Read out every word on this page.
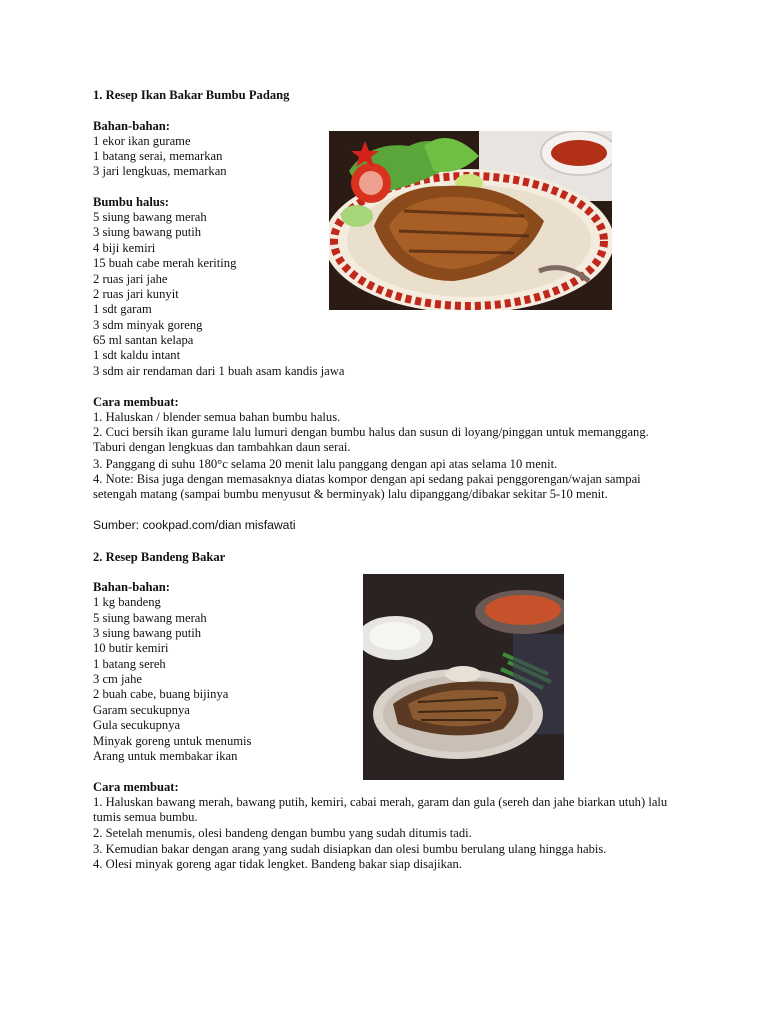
1. Resep Ikan Bakar Bumbu Padang
Bahan-bahan:
1 ekor ikan gurame
1 batang serai, memarkan
3 jari lengkuas, memarkan
Bumbu halus:
5 siung bawang merah
3 siung bawang putih
4 biji kemiri
15 buah cabe merah keriting
2 ruas jari jahe
2 ruas jari kunyit
1 sdt garam
3 sdm minyak goreng
65 ml santan kelapa
1 sdt kaldu intant
3 sdm air rendaman dari 1 buah asam kandis jawa
Cara membuat:
1. Haluskan / blender semua bahan bumbu halus.
2. Cuci bersih ikan gurame lalu lumuri dengan bumbu halus dan susun di loyang/pinggan untuk memanggang. Taburi dengan lengkuas dan tambahkan daun serai.
3. Panggang di suhu 180°c selama 20 menit lalu panggang dengan api atas selama 10 menit.
4. Note: Bisa juga dengan memasaknya diatas kompor dengan api sedang pakai penggorengan/wajan sampai setengah matang (sampai bumbu menyusut & berminyak) lalu dipanggang/dibakar sekitar 5-10 menit.
Sumber: cookpad.com/dian misfawati
2. Resep Bandeng Bakar
Bahan-bahan:
1 kg bandeng
5 siung bawang merah
3 siung bawang putih
10 butir kemiri
1 batang sereh
3 cm jahe
2 buah cabe, buang bijinya
Garam secukupnya
Gula secukupnya
Minyak goreng untuk menumis
Arang untuk membakar ikan
Cara membuat:
1. Haluskan bawang merah, bawang putih, kemiri, cabai merah, garam dan gula (sereh dan jahe biarkan utuh) lalu tumis semua bumbu.
2. Setelah menumis, olesi bandeng dengan bumbu yang sudah ditumis tadi.
3. Kemudian bakar dengan arang yang sudah disiapkan dan olesi bumbu berulang ulang hingga habis.
4. Olesi minyak goreng agar tidak lengket. Bandeng bakar siap disajikan.
